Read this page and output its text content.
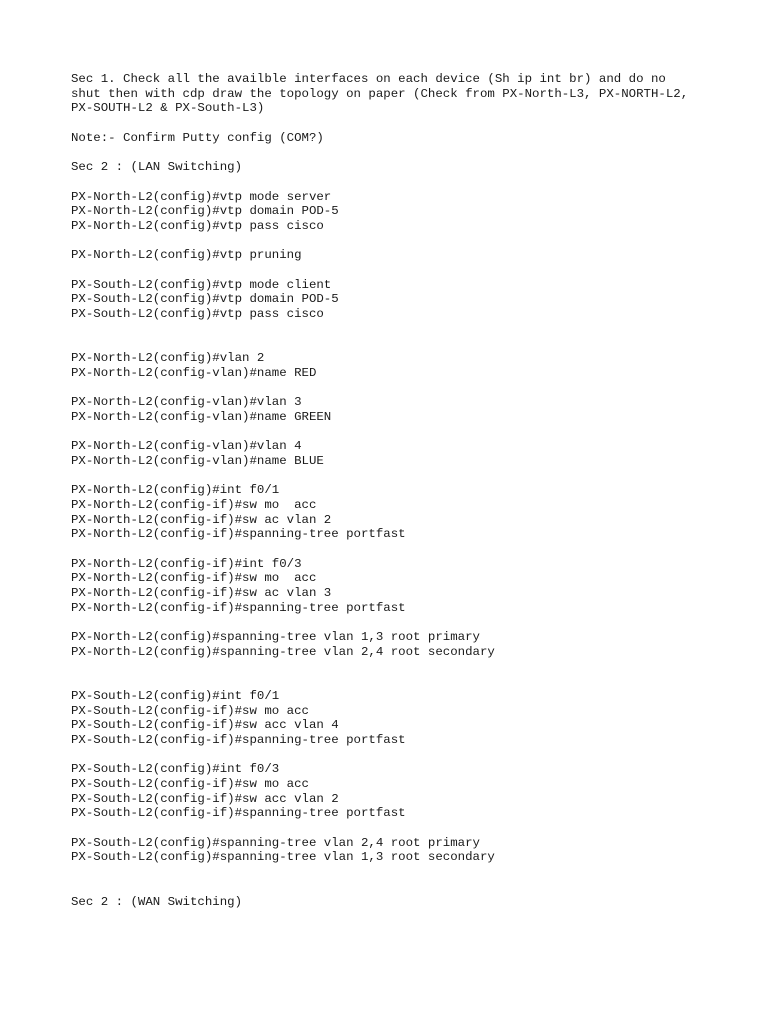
Sec 1. Check all the availble interfaces on each device (Sh ip int br) and do no
shut then with cdp draw the topology on paper (Check from PX-North-L3, PX-NORTH-L2,
PX-SOUTH-L2 & PX-South-L3)
Note:- Confirm Putty config (COM?)
Sec 2 : (LAN Switching)
PX-North-L2(config)#vtp mode server
PX-North-L2(config)#vtp domain POD-5
PX-North-L2(config)#vtp pass cisco
PX-North-L2(config)#vtp pruning
PX-South-L2(config)#vtp mode client
PX-South-L2(config)#vtp domain POD-5
PX-South-L2(config)#vtp pass cisco
PX-North-L2(config)#vlan 2
PX-North-L2(config-vlan)#name RED
PX-North-L2(config-vlan)#vlan 3
PX-North-L2(config-vlan)#name GREEN
PX-North-L2(config-vlan)#vlan 4
PX-North-L2(config-vlan)#name BLUE
PX-North-L2(config)#int f0/1
PX-North-L2(config-if)#sw mo  acc
PX-North-L2(config-if)#sw ac vlan 2
PX-North-L2(config-if)#spanning-tree portfast
PX-North-L2(config-if)#int f0/3
PX-North-L2(config-if)#sw mo  acc
PX-North-L2(config-if)#sw ac vlan 3
PX-North-L2(config-if)#spanning-tree portfast
PX-North-L2(config)#spanning-tree vlan 1,3 root primary
PX-North-L2(config)#spanning-tree vlan 2,4 root secondary
PX-South-L2(config)#int f0/1
PX-South-L2(config-if)#sw mo acc
PX-South-L2(config-if)#sw acc vlan 4
PX-South-L2(config-if)#spanning-tree portfast
PX-South-L2(config)#int f0/3
PX-South-L2(config-if)#sw mo acc
PX-South-L2(config-if)#sw acc vlan 2
PX-South-L2(config-if)#spanning-tree portfast
PX-South-L2(config)#spanning-tree vlan 2,4 root primary
PX-South-L2(config)#spanning-tree vlan 1,3 root secondary
Sec 2 : (WAN Switching)
